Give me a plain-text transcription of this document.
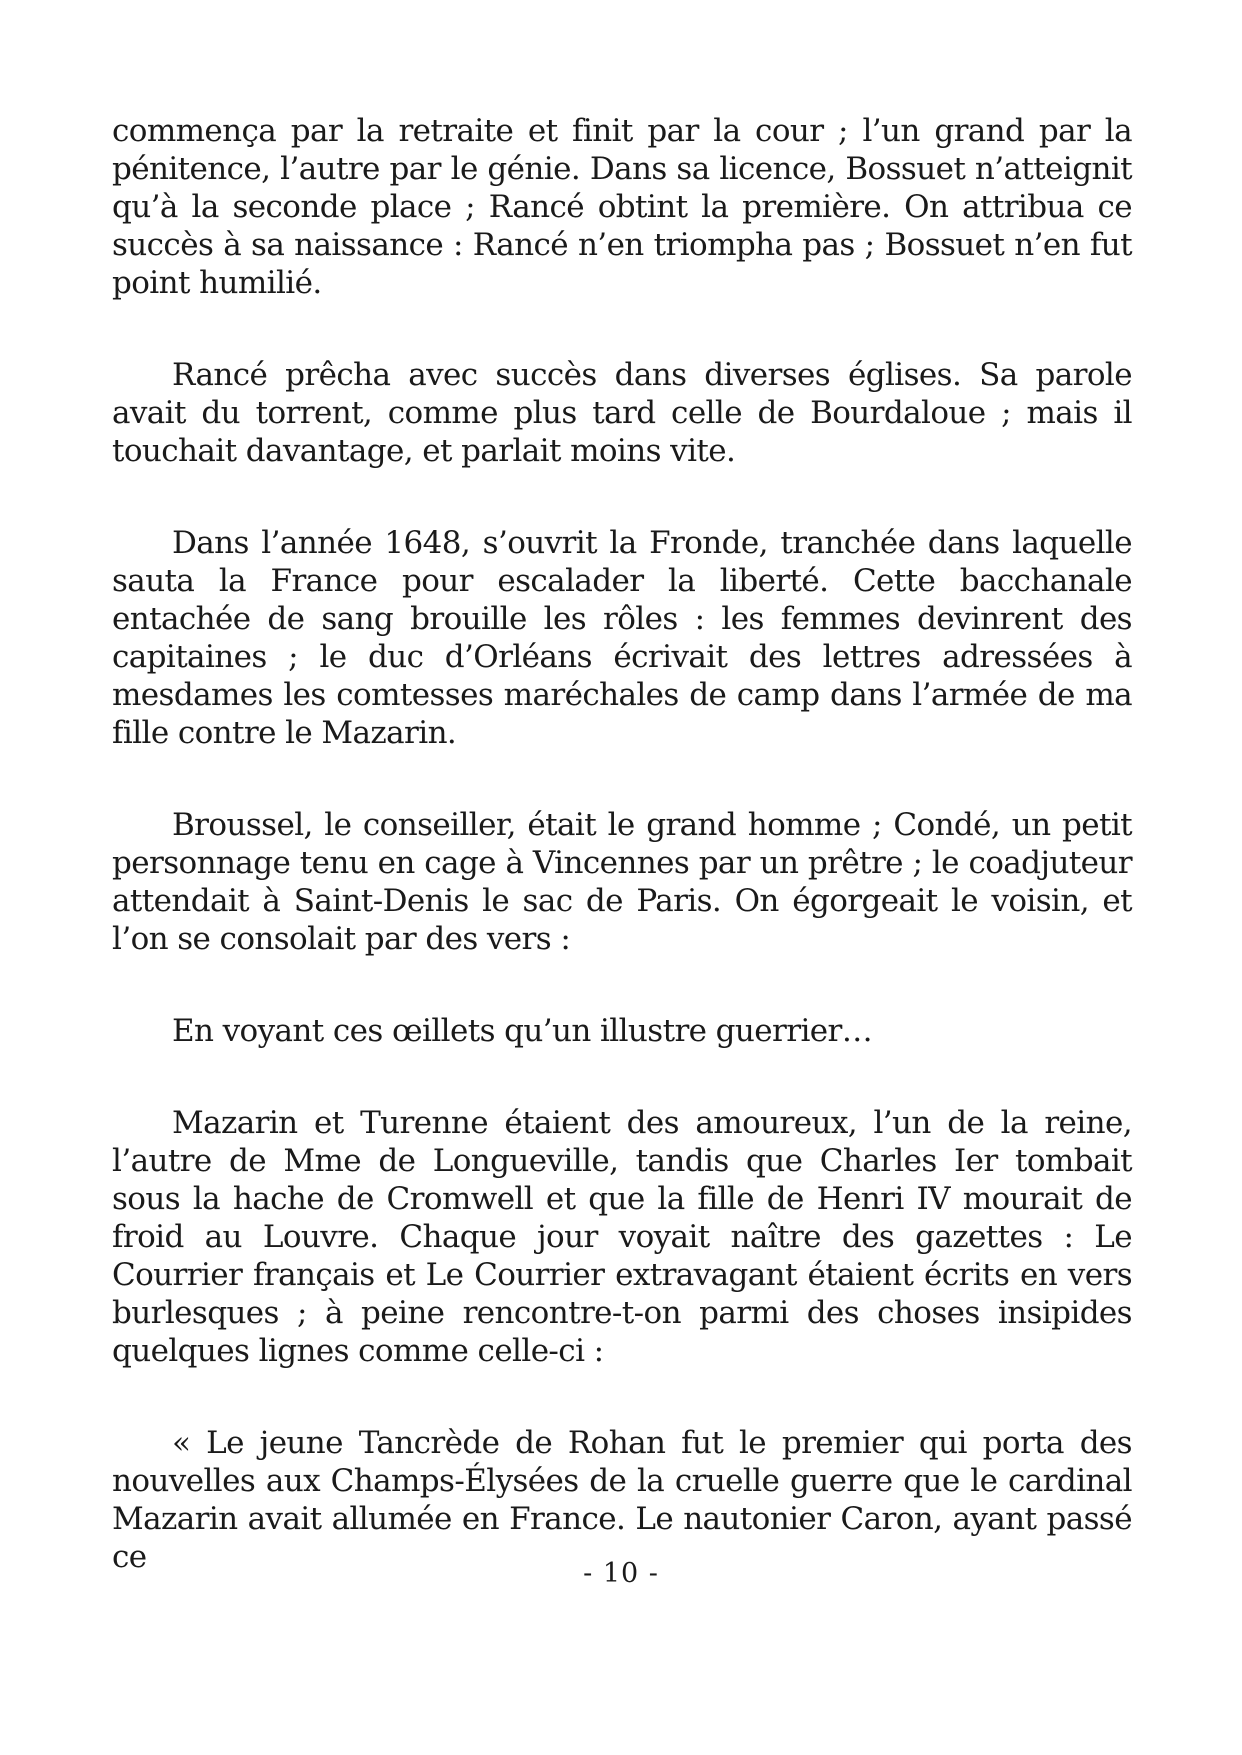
commença par la retraite et finit par la cour ; l’un grand par la pénitence, l’autre par le génie. Dans sa licence, Bossuet n’atteignit qu’à la seconde place ; Rancé obtint la première. On attribua ce succès à sa naissance : Rancé n’en triompha pas ; Bossuet n’en fut point humilié.

Rancé prêcha avec succès dans diverses églises. Sa parole avait du torrent, comme plus tard celle de Bourdaloue ; mais il touchait davantage, et parlait moins vite.

Dans l’année 1648, s’ouvrit la Fronde, tranchée dans laquelle sauta la France pour escalader la liberté. Cette bacchanale entachée de sang brouille les rôles : les femmes devinrent des capitaines ; le duc d’Orléans écrivait des lettres adressées à mesdames les comtesses maréchales de camp dans l’armée de ma fille contre le Mazarin.

Broussel, le conseiller, était le grand homme ; Condé, un petit personnage tenu en cage à Vincennes par un prêtre ; le coadjuteur attendait à Saint-Denis le sac de Paris. On égorgeait le voisin, et l’on se consolait par des vers :

En voyant ces œillets qu’un illustre guerrier…

Mazarin et Turenne étaient des amoureux, l’un de la reine, l’autre de Mme de Longueville, tandis que Charles Ier tombait sous la hache de Cromwell et que la fille de Henri IV mourait de froid au Louvre. Chaque jour voyait naître des gazettes : Le Courrier français et Le Courrier extravagant étaient écrits en vers burlesques ; à peine rencontre-t-on parmi des choses insipides quelques lignes comme celle-ci :

« Le jeune Tancrède de Rohan fut le premier qui porta des nouvelles aux Champs-Élysées de la cruelle guerre que le cardinal Mazarin avait allumée en France. Le nautonier Caron, ayant passé ce	- 10 -
